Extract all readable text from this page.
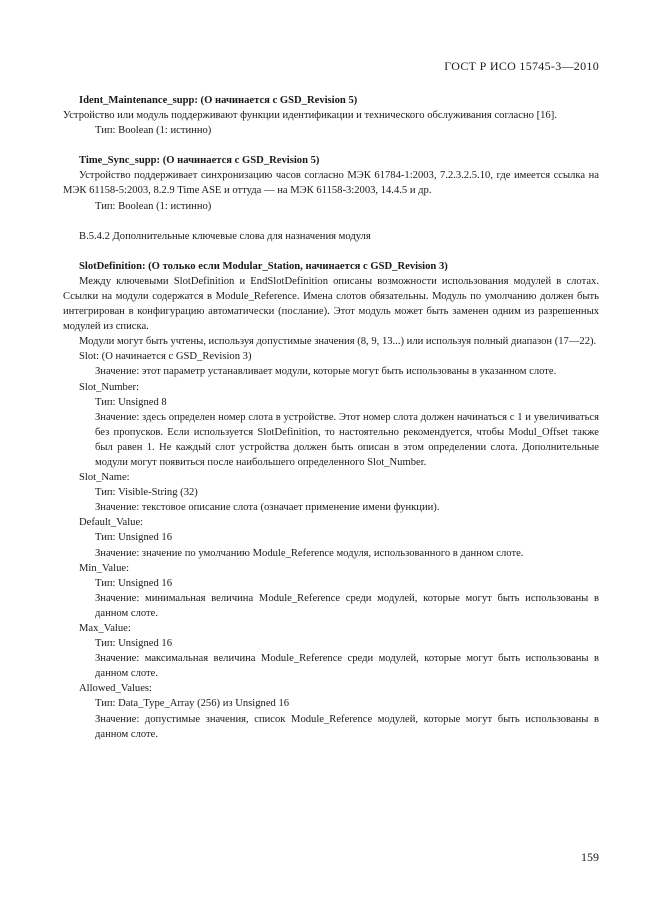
ГОСТ Р ИСО 15745-3—2010

Ident_Maintenance_supp: (О начинается с GSD_Revision 5)

Устройство или модуль поддерживают функции идентификации и технического обслуживания согласно [16].

Тип: Boolean (1: истинно)

Time_Sync_supp: (О начинается с GSD_Revision 5)

Устройство поддерживает синхронизацию часов согласно МЭК 61784-1:2003, 7.2.3.2.5.10, где имеется ссылка на МЭК 61158-5:2003, 8.2.9 Time ASE и оттуда — на МЭК 61158-3:2003, 14.4.5 и др.

Тип: Boolean (1: истинно)

B.5.4.2 Дополнительные ключевые слова для назначения модуля

SlotDefinition: (О только если Modular_Station, начинается с GSD_Revision 3)

Между ключевыми SlotDefinition и EndSlotDefinition описаны возможности использования модулей в слотах. Ссылки на модули содержатся в Module_Reference. Имена слотов обязательны. Модуль по умолчанию должен быть интегрирован в конфигурацию автоматически (послание). Этот модуль может быть заменен одним из разрешенных модулей из списка.

Модули могут быть учтены, используя допустимые значения (8, 9, 13...) или используя полный диапазон (17—22).

Slot: (О начинается с GSD_Revision 3)

Значение: этот параметр устанавливает модули, которые могут быть использованы в указанном слоте.

Slot_Number:

Тип: Unsigned 8

Значение: здесь определен номер слота в устройстве. Этот номер слота должен начинаться с 1 и увеличиваться без пропусков. Если используется SlotDefinition, то настоятельно рекомендуется, чтобы Modul_Offset также был равен 1. Не каждый слот устройства должен быть описан в этом определении слота. Дополнительные модули могут появиться после наибольшего определенного Slot_Number.

Slot_Name:

Тип: Visible-String (32)

Значение: текстовое описание слота (означает применение имени функции).

Default_Value:

Тип: Unsigned 16

Значение: значение по умолчанию Module_Reference модуля, использованного в данном слоте.

Min_Value:

Тип: Unsigned 16

Значение: минимальная величина Module_Reference среди модулей, которые могут быть использованы в данном слоте.

Max_Value:

Тип: Unsigned 16

Значение: максимальная величина Module_Reference среди модулей, которые могут быть использованы в данном слоте.

Allowed_Values:

Тип: Data_Type_Array (256) из Unsigned 16

Значение: допустимые значения, список Module_Reference модулей, которые могут быть использованы в данном слоте.

159
